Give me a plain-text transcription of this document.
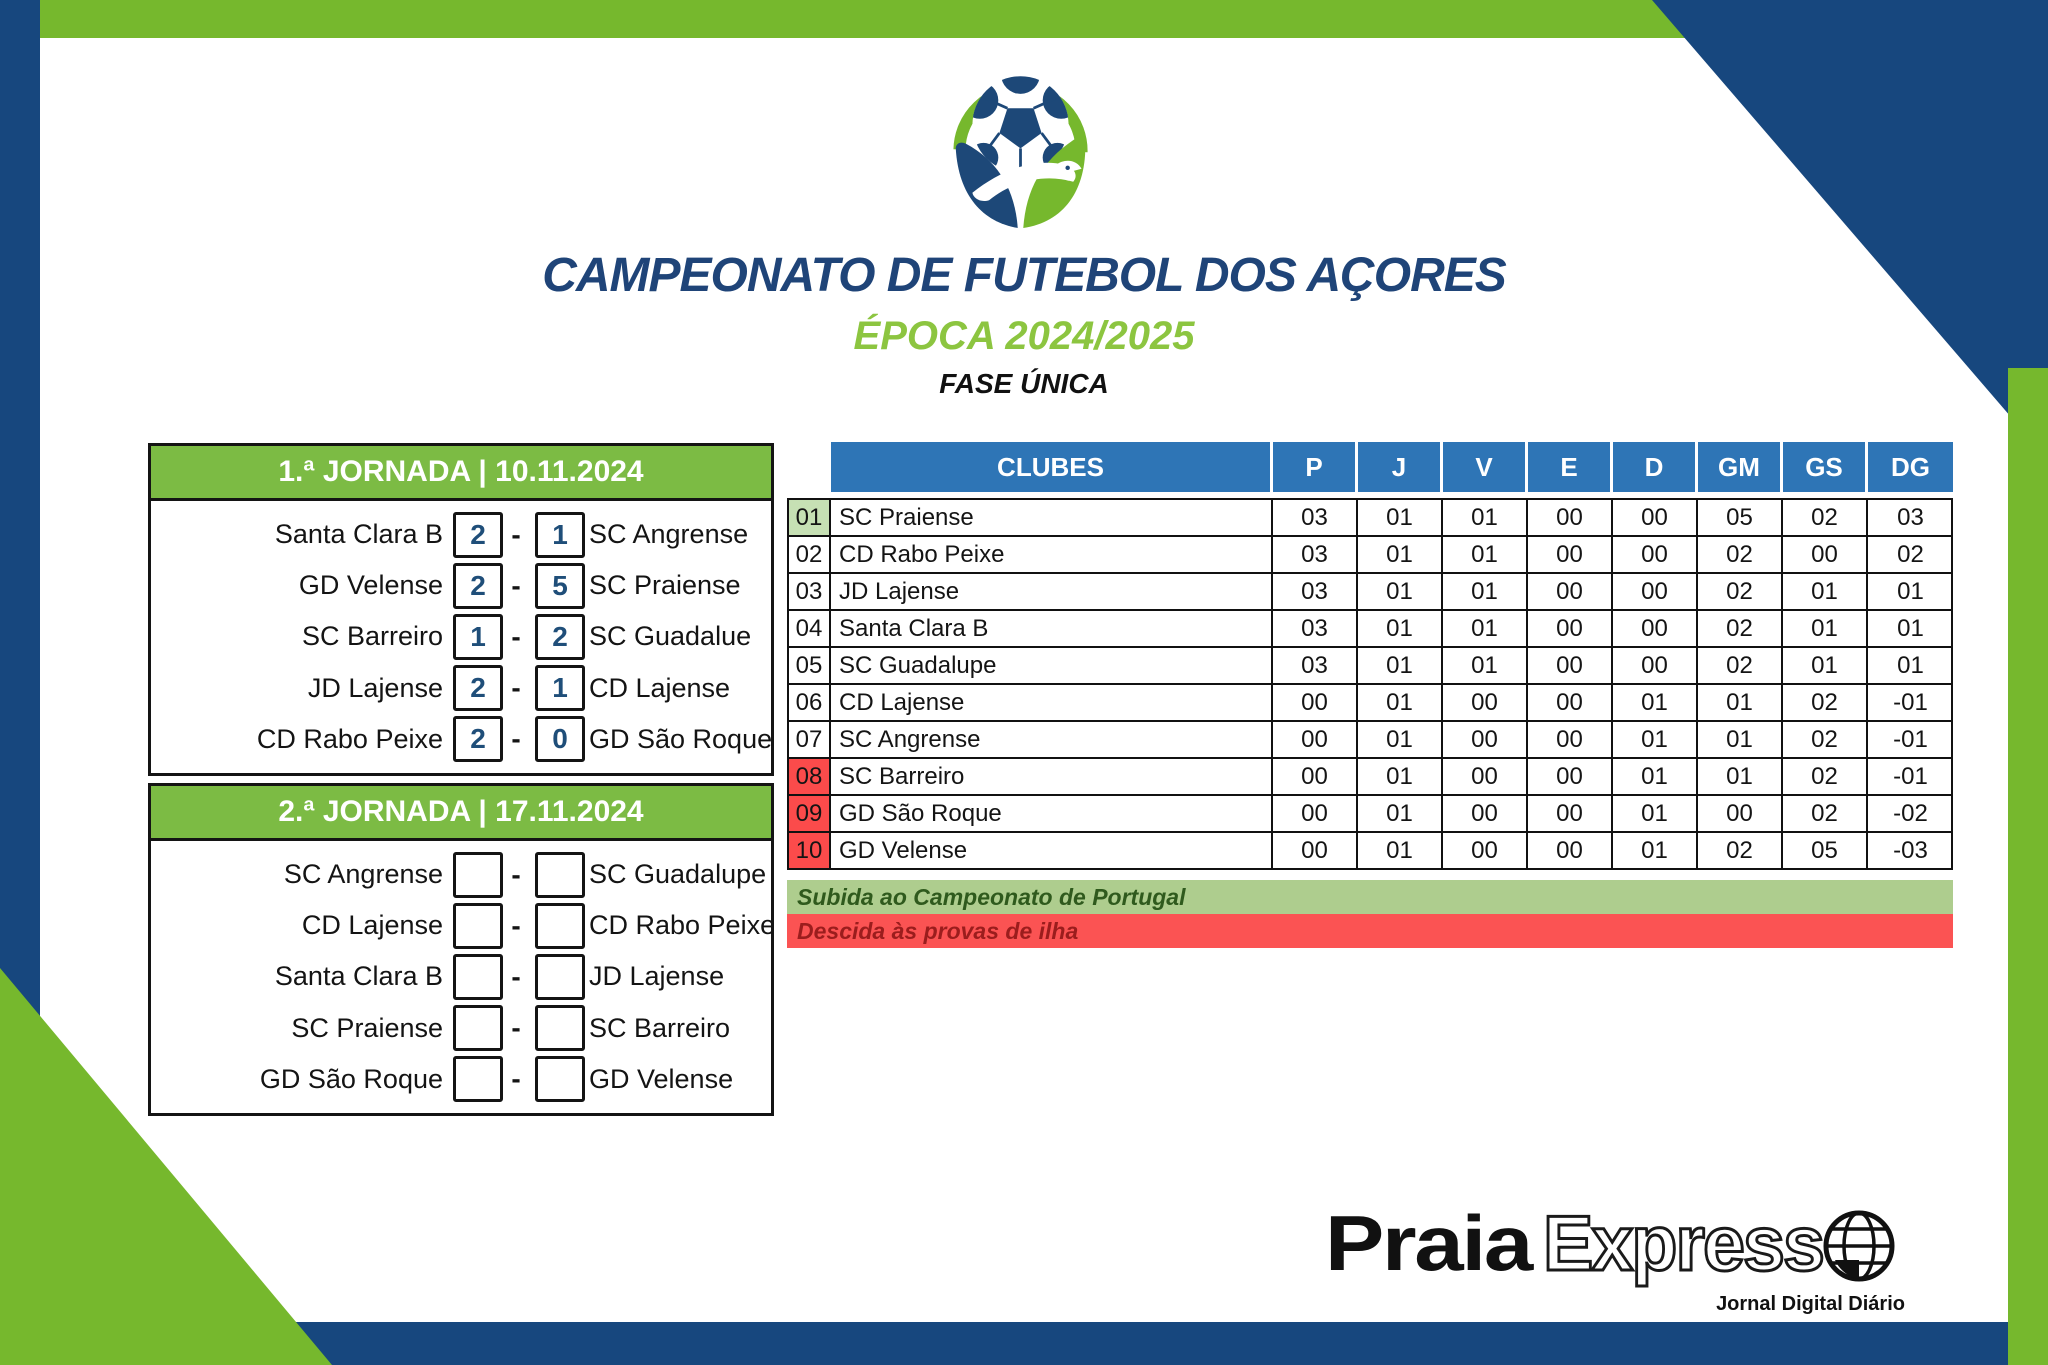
CAMPEONATO DE FUTEBOL DOS AÇORES
ÉPOCA 2024/2025
FASE ÚNICA
1.ª JORNADA | 10.11.2024
Santa Clara B 2 -	1 SC Angrense
GD Velense 2 -	5 SC Praiense
SC Barreiro 1 -	2 SC Guadalue
JD Lajense 2 -	1 CD Lajense
CD Rabo Peixe 2 -	0 GD São Roque
2.ª JORNADA | 17.11.2024
SC Angrense -	SC Guadalupe
CD Lajense -	CD Rabo Peixe
Santa Clara B -	JD Lajense
SC Praiense -	SC Barreiro
GD São Roque -	GD Velense
CLUBES	P	J	V	E	D	GM	GS	DG
01 SC Praiense	03	01	01	00	00	05	02	03
02 CD Rabo Peixe	03	01	01	00	00	02	00	02
03 JD Lajense	03	01	01	00	00	02	01	01
04 Santa Clara B	03	01	01	00	00	02	01	01
05 SC Guadalupe	03	01	01	00	00	02	01	01
06 CD Lajense	00	01	00	00	01	01	02	-01
07 SC Angrense	00	01	00	00	01	01	02	-01
08 SC Barreiro	00	01	00	00	01	01	02	-01
09 GD São Roque	00	01	00	00	01	00	02	-02
10 GD Velense	00	01	00	00	01	02	05	-03
Subida ao Campeonato de Portugal
Descida às provas de ilha
Praia Express
Jornal Digital Diário
